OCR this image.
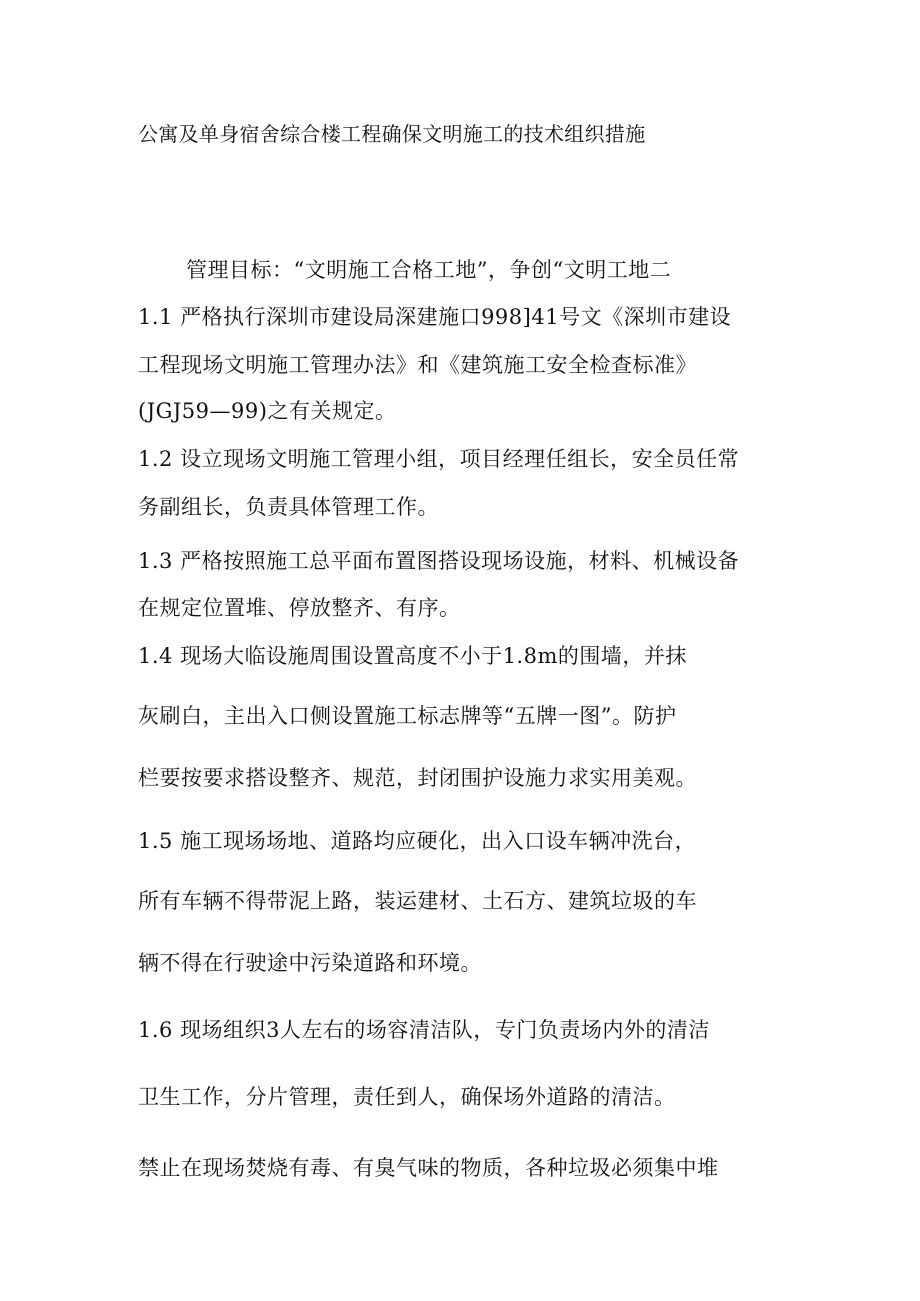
公寓及单身宿舍综合楼工程确保文明施工的技术组织措施
管理目标：“文明施工合格工地”，争创“文明工地二
1.1 严格执行深圳市建设局深建施口998]41号文《深圳市建设
工程现场文明施工管理办法》和《建筑施工安全检查标准》
(JGJ59—99)之有关规定。
1.2 设立现场文明施工管理小组，项目经理任组长，安全员任常
务副组长，负责具体管理工作。
1.3 严格按照施工总平面布置图搭设现场设施，材料、机械设备
在规定位置堆、停放整齐、有序。
1.4 现场大临设施周围设置高度不小于1.8m的围墙，并抹
灰刷白，主出入口侧设置施工标志牌等“五牌一图”。防护
栏要按要求搭设整齐、规范，封闭围护设施力求实用美观。
1.5 施工现场场地、道路均应硬化，出入口设车辆冲洗台，
所有车辆不得带泥上路，装运建材、土石方、建筑垃圾的车
辆不得在行驶途中污染道路和环境。
1.6 现场组织3人左右的场容清洁队，专门负责场内外的清洁
卫生工作，分片管理，责任到人，确保场外道路的清洁。
禁止在现场焚烧有毒、有臭气味的物质，各种垃圾必须集中堆
